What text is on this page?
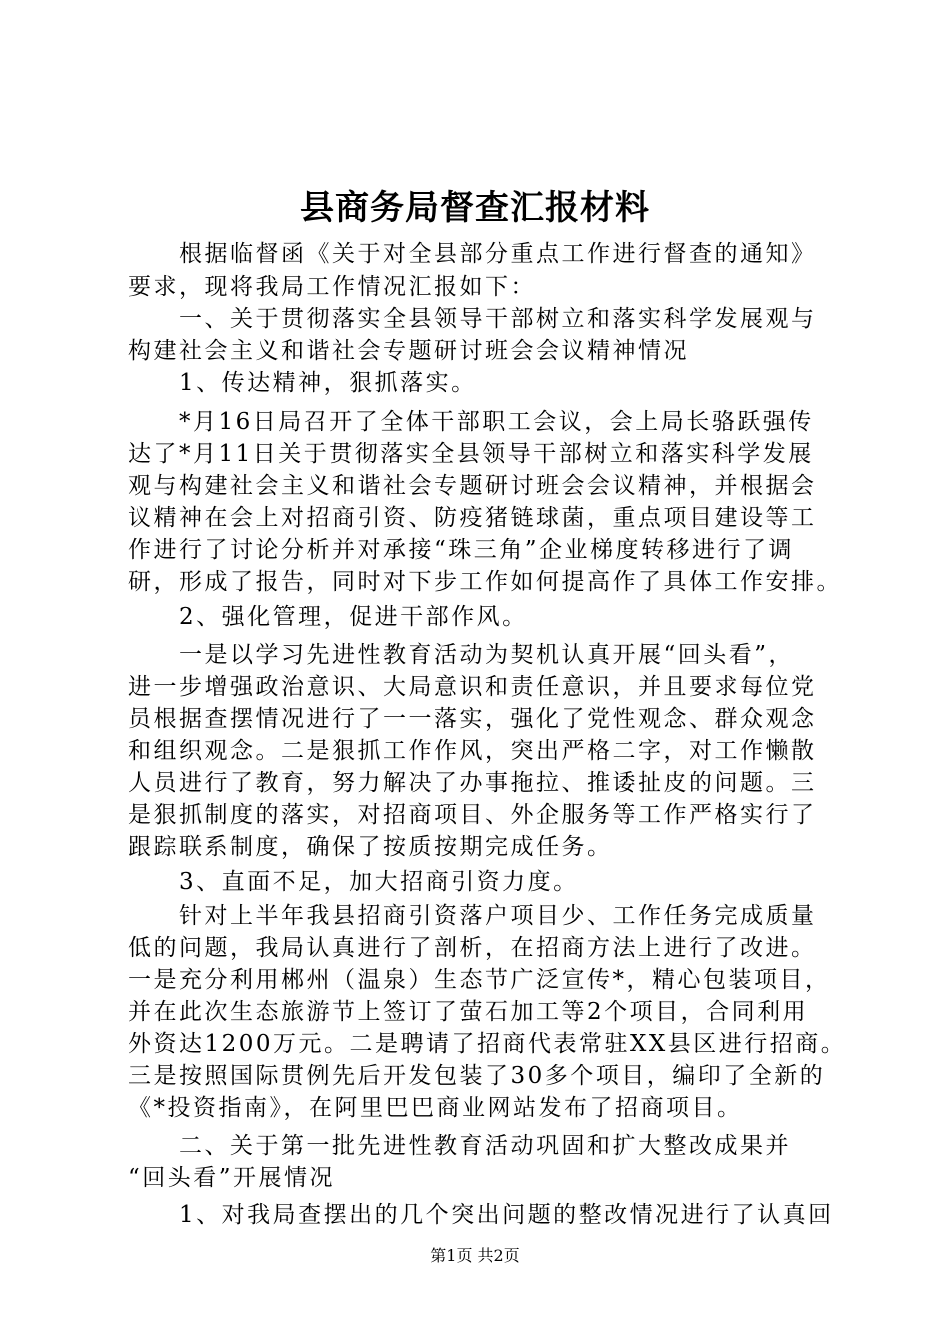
县商务局督查汇报材料
　　根据临督函《关于对全县部分重点工作进行督查的通知》
要求，现将我局工作情况汇报如下：
　　一、关于贯彻落实全县领导干部树立和落实科学发展观与
构建社会主义和谐社会专题研讨班会会议精神情况
　　1、传达精神，狠抓落实。
　　*月16日局召开了全体干部职工会议，会上局长骆跃强传
达了*月11日关于贯彻落实全县领导干部树立和落实科学发展
观与构建社会主义和谐社会专题研讨班会会议精神，并根据会
议精神在会上对招商引资、防疫猪链球菌，重点项目建设等工
作进行了讨论分析并对承接“珠三角”企业梯度转移进行了调
研，形成了报告，同时对下步工作如何提高作了具体工作安排。
　　2、强化管理，促进干部作风。
　　一是以学习先进性教育活动为契机认真开展“回头看”，
进一步增强政治意识、大局意识和责任意识，并且要求每位党
员根据查摆情况进行了一一落实，强化了党性观念、群众观念
和组织观念。二是狠抓工作作风，突出严格二字，对工作懒散
人员进行了教育，努力解决了办事拖拉、推诿扯皮的问题。三
是狠抓制度的落实，对招商项目、外企服务等工作严格实行了
跟踪联系制度，确保了按质按期完成任务。
　　3、直面不足，加大招商引资力度。
　　针对上半年我县招商引资落户项目少、工作任务完成质量
低的问题，我局认真进行了剖析，在招商方法上进行了改进。
一是充分利用郴州（温泉）生态节广泛宣传*，精心包装项目，
并在此次生态旅游节上签订了萤石加工等2个项目，合同利用
外资达1200万元。二是聘请了招商代表常驻XX县区进行招商。
三是按照国际贯例先后开发包装了30多个项目，编印了全新的
《*投资指南》，在阿里巴巴商业网站发布了招商项目。
　　二、关于第一批先进性教育活动巩固和扩大整改成果并
“回头看”开展情况
　　1、对我局查摆出的几个突出问题的整改情况进行了认真回
第1页 共2页
